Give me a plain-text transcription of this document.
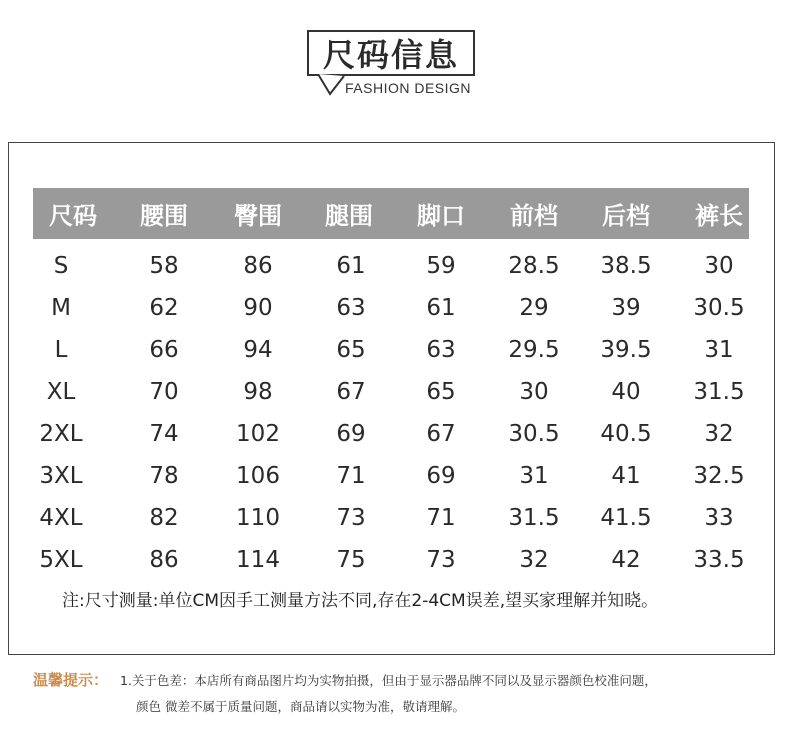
尺码信息
FASHION DESIGN
尺码 腰围 臀围 腿围 脚口 前档 后档 裤长
S	58	86	61	59 28.5 38.5 30
M	62	90	63	61	29	39 30.5
L	66	94	65	63 29.5 39.5 31
XL	70	98	67	65	30	40 31.5
2XL	74 102 69	67 30.5 40.5 32
3XL	78 106 71	69	31	41 32.5
4XL	82 110 73	71 31.5 41.5 33
5XL	86 114 75	73	32	42 33.5
注:尺寸测量:单位CM因手工测量方法不同,存在2-4CM误差,望买家理解并知晓。
温馨提示： 1.关于色差：本店所有商品图片均为实物拍摄，但由于显示器品牌不同以及显示器颜色校准问题，
颜色 微差不属于质量问题，商品请以实物为准，敬请理解。
